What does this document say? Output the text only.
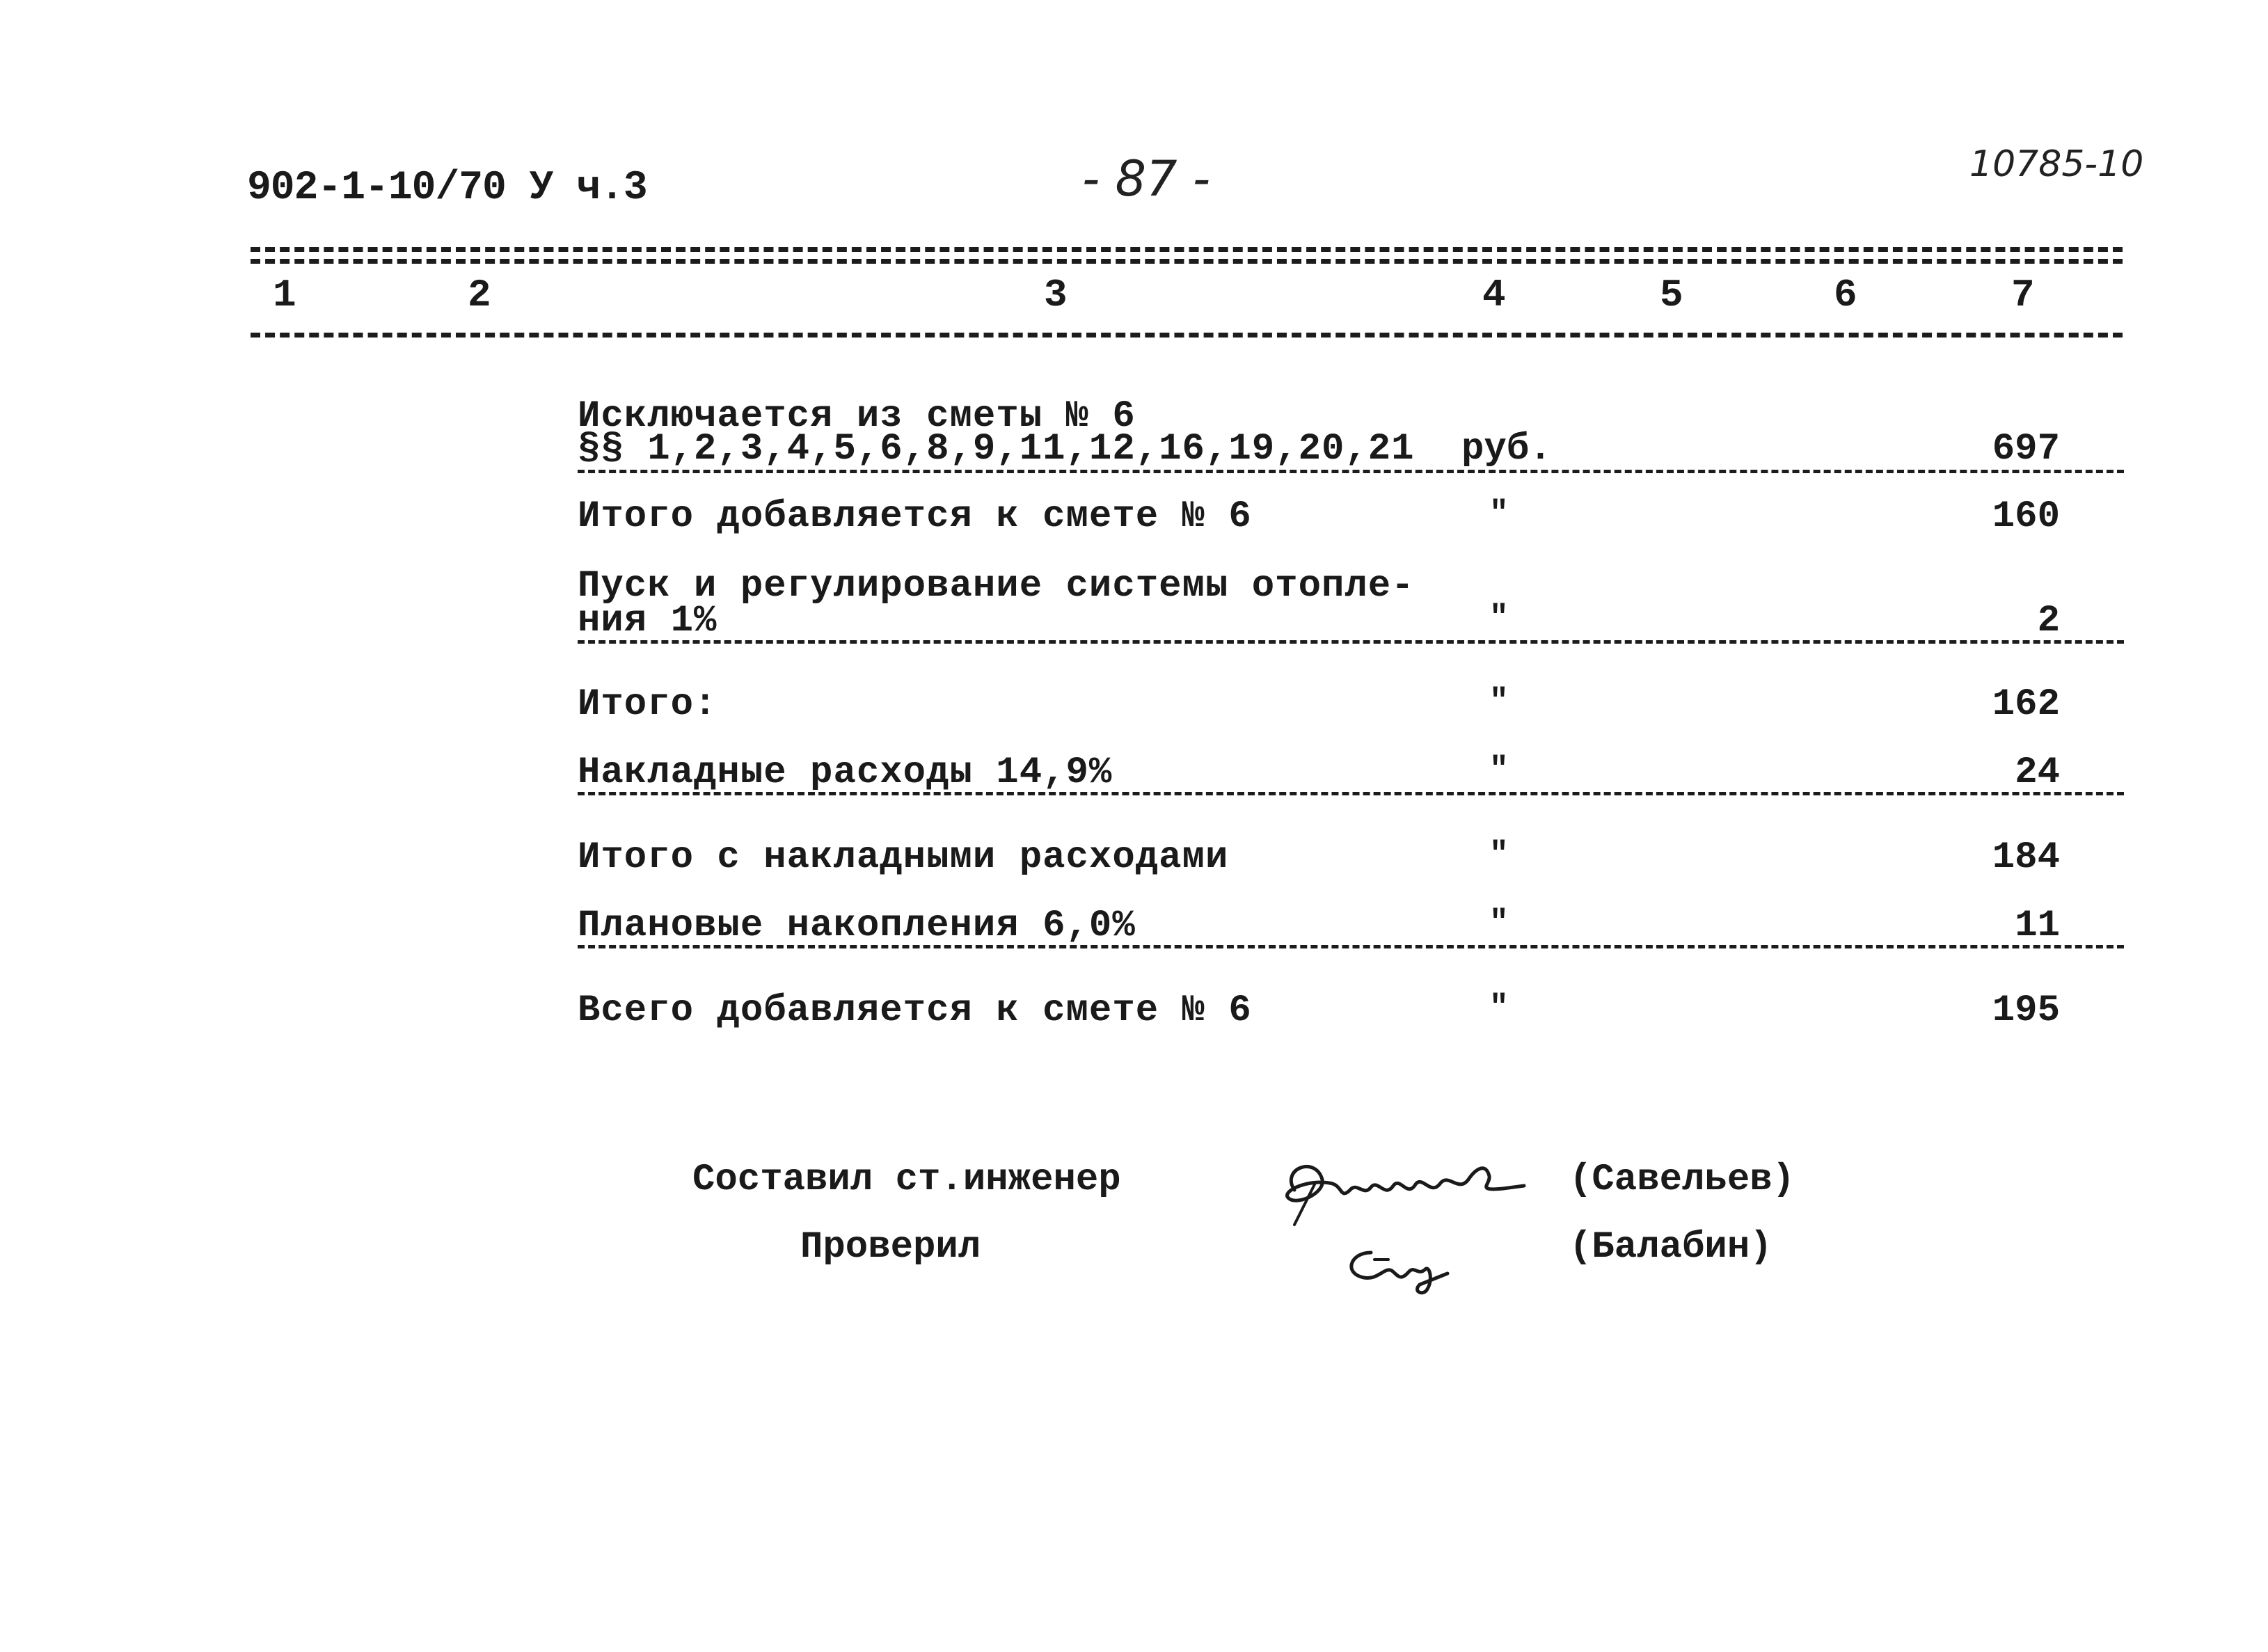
902-1-10/70 У ч.3	- 87 -	10785-10
1	2	3	4	5	6	7
Исключается из сметы № 6
§§ 1,2,3,4,5,6,8,9,11,12,16,19,20,21 руб.	697
Итого добавляется к смете № 6	"	160
Пуск и регулирование системы отопле-
ния 1%	"	2
Итого:	"	162
Накладные расходы 14,9%	"	24
Итого с накладными расходами	"	184
Плановые накопления 6,0%	"	11
Всего добавляется к смете № 6	"	195
Составил ст.инженер
Проверил
(Савельев)
(Балабин)
